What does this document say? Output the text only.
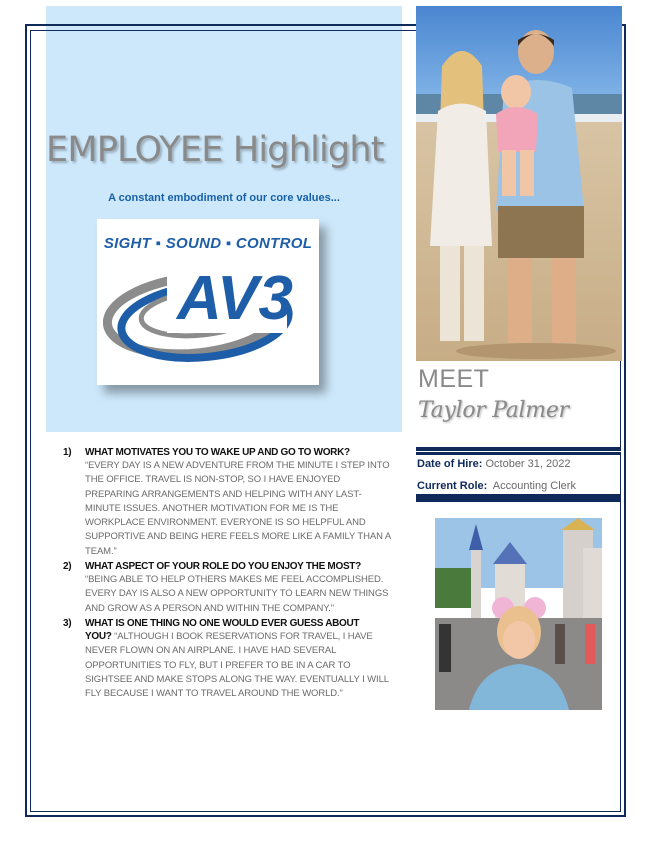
EMPLOYEE Highlight
A constant embodiment of our core values...
SIGHT ▪ SOUND ▪ CONTROL
AV3
MEET
Taylor Palmer
Date of Hire: October 31, 2022
Current Role: Accounting Clerk
1)	WHAT MOTIVATES YOU TO WAKE UP AND GO TO WORK?
“EVERY DAY IS A NEW ADVENTURE FROM THE MINUTE I STEP INTO THE OFFICE. TRAVEL IS NON-STOP, SO I HAVE ENJOYED PREPARING ARRANGEMENTS AND HELPING WITH ANY LAST-MINUTE ISSUES. ANOTHER MOTIVATION FOR ME IS THE WORKPLACE ENVIRONMENT. EVERYONE IS SO HELPFUL AND SUPPORTIVE AND BEING HERE FEELS MORE LIKE A FAMILY THAN A TEAM.”
2)	WHAT ASPECT OF YOUR ROLE DO YOU ENJOY THE MOST?
“BEING ABLE TO HELP OTHERS MAKES ME FEEL ACCOMPLISHED. EVERY DAY IS ALSO A NEW OPPORTUNITY TO LEARN NEW THINGS AND GROW AS A PERSON AND WITHIN THE COMPANY.”
3)	WHAT IS ONE THING NO ONE WOULD EVER GUESS ABOUT
YOU? “ALTHOUGH I BOOK RESERVATIONS FOR TRAVEL, I HAVE NEVER FLOWN ON AN AIRPLANE. I HAVE HAD SEVERAL OPPORTUNITIES TO FLY, BUT I PREFER TO BE IN A CAR TO SIGHTSEE AND MAKE STOPS ALONG THE WAY. EVENTUALLY I WILL FLY BECAUSE I WANT TO TRAVEL AROUND THE WORLD.”
